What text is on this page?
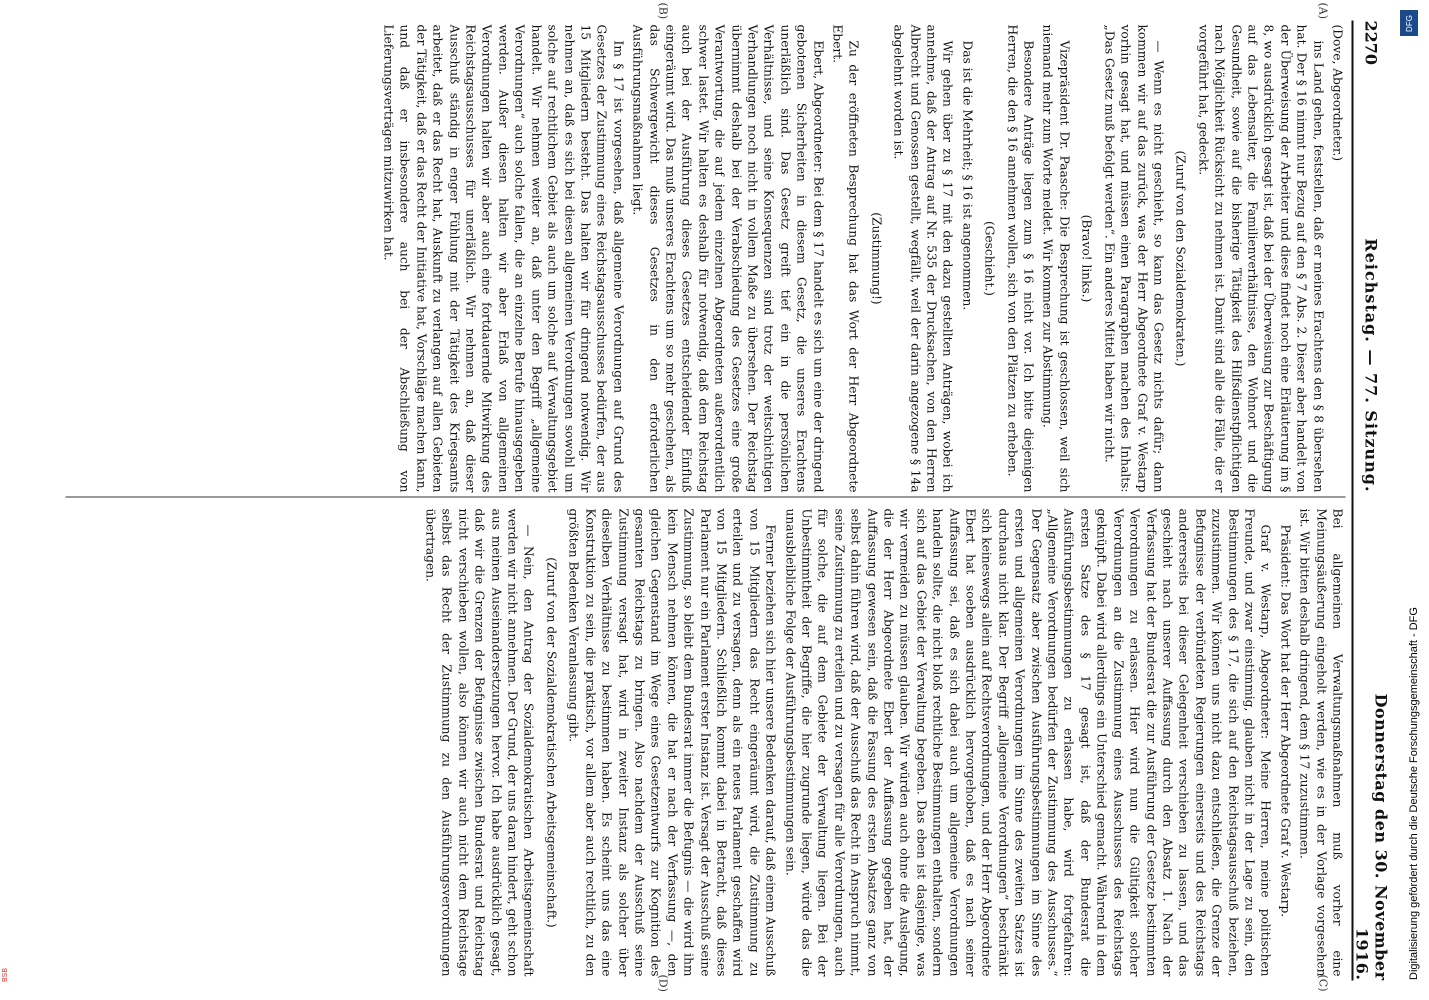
2270
Reichstag. — 77. Sitzung.
Donnerstag den 30. November 1916.
(A)
(B)
(C)
(D)

(Dove, Abgeordneter.)

ins Land gehen, feststellen, daß er meines Erachtens den § 8 übersehen hat. Der § 16 nimmt nur Bezug auf den § 7 Abs. 2. Dieser aber handelt von der Überweisung der Arbeiter und diese findet noch eine Erläuterung im § 8, wo ausdrücklich gesagt ist, daß bei der Überweisung zur Beschäftigung auf das Lebensalter, die Familienverhältnisse, den Wohnort und die Gesundheit, sowie auf die bisherige Tätigkeit des Hilfsdienstpflichtigen nach Möglichkeit Rücksicht zu nehmen ist. Damit sind alle die Fälle, die er vorgeführt hat, gedeckt.

(Zuruf von den Sozialdemokraten.)

— Wenn es nicht geschieht, so kann das Gesetz nichts dafür; dann kommen wir auf das zurück, was der Herr Abgeordnete Graf v. Westarp vorhin gesagt hat, und müssen einen Paragraphen machen des Inhalts: „Das Gesetz muß befolgt werden“. Ein anderes Mittel haben wir nicht.

(Bravo! links.)

Vizepräsident Dr. Paasche: Die Besprechung ist geschlossen, weil sich niemand mehr zum Worte meldet. Wir kommen zur Abstimmung.

Besondere Anträge liegen zum § 16 nicht vor. Ich bitte diejenigen Herren, die den § 16 annehmen wollen, sich von den Plätzen zu erheben.

(Geschieht.)

Das ist die Mehrheit; § 16 ist angenommen.

Wir gehen über zu § 17 mit den dazu gestellten Anträgen, wobei ich annehme, daß der Antrag auf Nr. 535 der Drucksachen, von den Herren Albrecht und Genossen gestellt, wegfällt, weil der darin angezogene § 14a abgelehnt worden ist.

(Zustimmung!)

Zu der eröffneten Besprechung hat das Wort der Herr Abgeordnete Ebert.

Ebert, Abgeordneter: Bei dem § 17 handelt es sich um eine der dringend gebotenen Sicherheiten in diesem Gesetz, die unseres Erachtens unerläßlich sind. Das Gesetz greift tief ein in die persönlichen Verhältnisse, und seine Konsequenzen sind trotz der weitschichtigen Verhandlungen noch nicht in vollem Maße zu übersehen. Der Reichstag übernimmt deshalb bei der Verabschiedung des Gesetzes eine große Verantwortung, die auf jedem einzelnen Abgeordneten außerordentlich schwer lastet. Wir halten es deshalb für notwendig, daß dem Reichstag auch bei der Ausführung dieses Gesetzes entscheidender Einfluß eingeräumt wird. Das muß unseres Erachtens um so mehr geschehen, als das Schwergewicht dieses Gesetzes in den erforderlichen Ausführungsmaßnahmen liegt.

Im § 17 ist vorgesehen, daß allgemeine Verordnungen auf Grund des Gesetzes der Zustimmung eines Reichstagsausschusses bedürfen, der aus 15 Mitgliedern besteht. Das halten wir für dringend notwendig. Wir nehmen an, daß es sich bei diesen allgemeinen Verordnungen sowohl um solche auf rechtlichem Gebiet als auch um solche auf Verwaltungsgebiet handelt. Wir nehmen weiter an, daß unter den Begriff „allgemeine Verordnungen“ auch solche fallen, die an einzelne Berufe hinausgegeben werden. Außer diesen halten wir aber Erlaß von allgemeinen Verordnungen halten wir aber auch eine fortdauernde Mitwirkung des Reichstagsausschusses für unerläßlich. Wir nehmen an, daß dieser Ausschuß ständig in enger Fühlung mit der Tätigkeit des Kriegsamts arbeitet, daß er das Recht hat, Auskunft zu verlangen auf allen Gebieten der Tätigkeit, daß er das Recht der Initiative hat, Vorschläge machen kann, und daß er insbesondere auch bei der Abschließung von Lieferungsverträgen mitzuwirken hat.

Bei allgemeinen Verwaltungsmaßnahmen muß vorher eine Meinungsäußerung eingeholt werden, wie es in der Vorlage vorgesehen ist. Wir bitten deshalb dringend, dem § 17 zuzustimmen.

Präsident: Das Wort hat der Herr Abgeordnete Graf v. Westarp.

Graf v. Westarp, Abgeordneter: Meine Herren, meine politischen Freunde, und zwar einstimmig, glauben nicht in der Lage zu sein, den Bestimmungen des § 17, die sich auf den Reichstagsausschuß beziehen, zuzustimmen. Wir können uns nicht dazu entschließen, die Grenze der Befugnisse der verbündeten Regierungen einerseits und des Reichstags andererseits bei dieser Gelegenheit verschieben zu lassen, und das geschieht nach unserer Auffassung durch den Absatz 1. Nach der Verfassung hat der Bundesrat die zur Ausführung der Gesetze bestimmten Verordnungen zu erlassen. Hier wird nun die Gültigkeit solcher Verordnungen an die Zustimmung eines Ausschusses des Reichstags geknüpft. Dabei wird allerdings ein Unterschied gemacht. Während in dem ersten Satze des § 17 gesagt ist, daß der Bundesrat die Ausführungsbestimmungen zu erlassen habe, wird fortgefahren: „Allgemeine Verordnungen bedürfen der Zustimmung des Ausschusses.“ Der Gegensatz aber zwischen Ausführungsbestimmungen im Sinne des ersten und allgemeinen Verordnungen im Sinne des zweiten Satzes ist durchaus nicht klar. Der Begriff „allgemeine Verordnungen“ beschränkt sich keineswegs allein auf Rechtsverordnungen, und der Herr Abgeordnete Ebert hat soeben ausdrücklich hervorgehoben, daß es nach seiner Auffassung sei, daß es sich dabei auch um allgemeine Verordnungen handeln sollte, die nicht bloß rechtliche Bestimmungen enthalten, sondern sich auf das Gebiet der Verwaltung begeben. Das eben ist dasjenige, was wir vermeiden zu müssen glauben. Wir würden auch ohne die Auslegung, die der Herr Abgeordnete Ebert der Auffassung gegeben hat, der Auffassung gewesen sein, daß die Fassung des ersten Absatzes ganz von selbst dahin führen wird, daß der Ausschuß das Recht in Anspruch nimmt, seine Zustimmung zu erteilen und zu versagen für alle Verordnungen, auch für solche, die auf dem Gebiete der Verwaltung liegen. Bei der Unbestimmtheit der Begriffe, die hier zugrunde liegen, würde das die unausbleibliche Folge der Ausführungsbestimmungen sein.

Ferner beziehen sich hier unsere Bedenken darauf, daß einem Ausschuß von 15 Mitgliedern das Recht eingeräumt wird, die Zustimmung zu erteilen und zu versagen, denn als ein neues Parlament geschaffen wird von 15 Mitgliedern. Schließlich kommt dabei in Betracht, daß dieses Parlament nur ein Parlament erster Instanz ist. Versagt der Ausschuß seine Zustimmung, so bleibt dem Bundesrat immer die Befugnis — die wird ihm kein Mensch nehmen können, die hat er nach der Verfassung —, den gleichen Gegenstand im Wege eines Gesetzentwurfs zur Kognition des gesamten Reichstags zu bringen. Also nachdem der Ausschuß seine Zustimmung versagt hat, wird in zweiter Instanz als solcher über dieselben Verhältnisse zu bestimmen haben. Es scheint uns das eine Konstruktion zu sein, die praktisch, vor allem aber auch rechtlich, zu den größten Bedenken Veranlassung gibt.

(Zuruf von der Sozialdemokratischen Arbeitsgemeinschaft.)

— Nein, den Antrag der Sozialdemokratischen Arbeitsgemeinschaft werden wir nicht annehmen. Der Grund, der uns daran hindert, geht schon aus meinen Auseinandersetzungen hervor. Ich habe ausdrücklich gesagt, daß wir die Grenzen der Befugnisse zwischen Bundesrat und Reichstag nicht verschieben wollen, also können wir auch nicht dem Reichstage selbst das Recht der Zustimmung zu den Ausführungsverordnungen übertragen.

DFG
Digitalisierung gefördert durch die Deutsche Forschungsgemeinschaft - DFG
BSB
